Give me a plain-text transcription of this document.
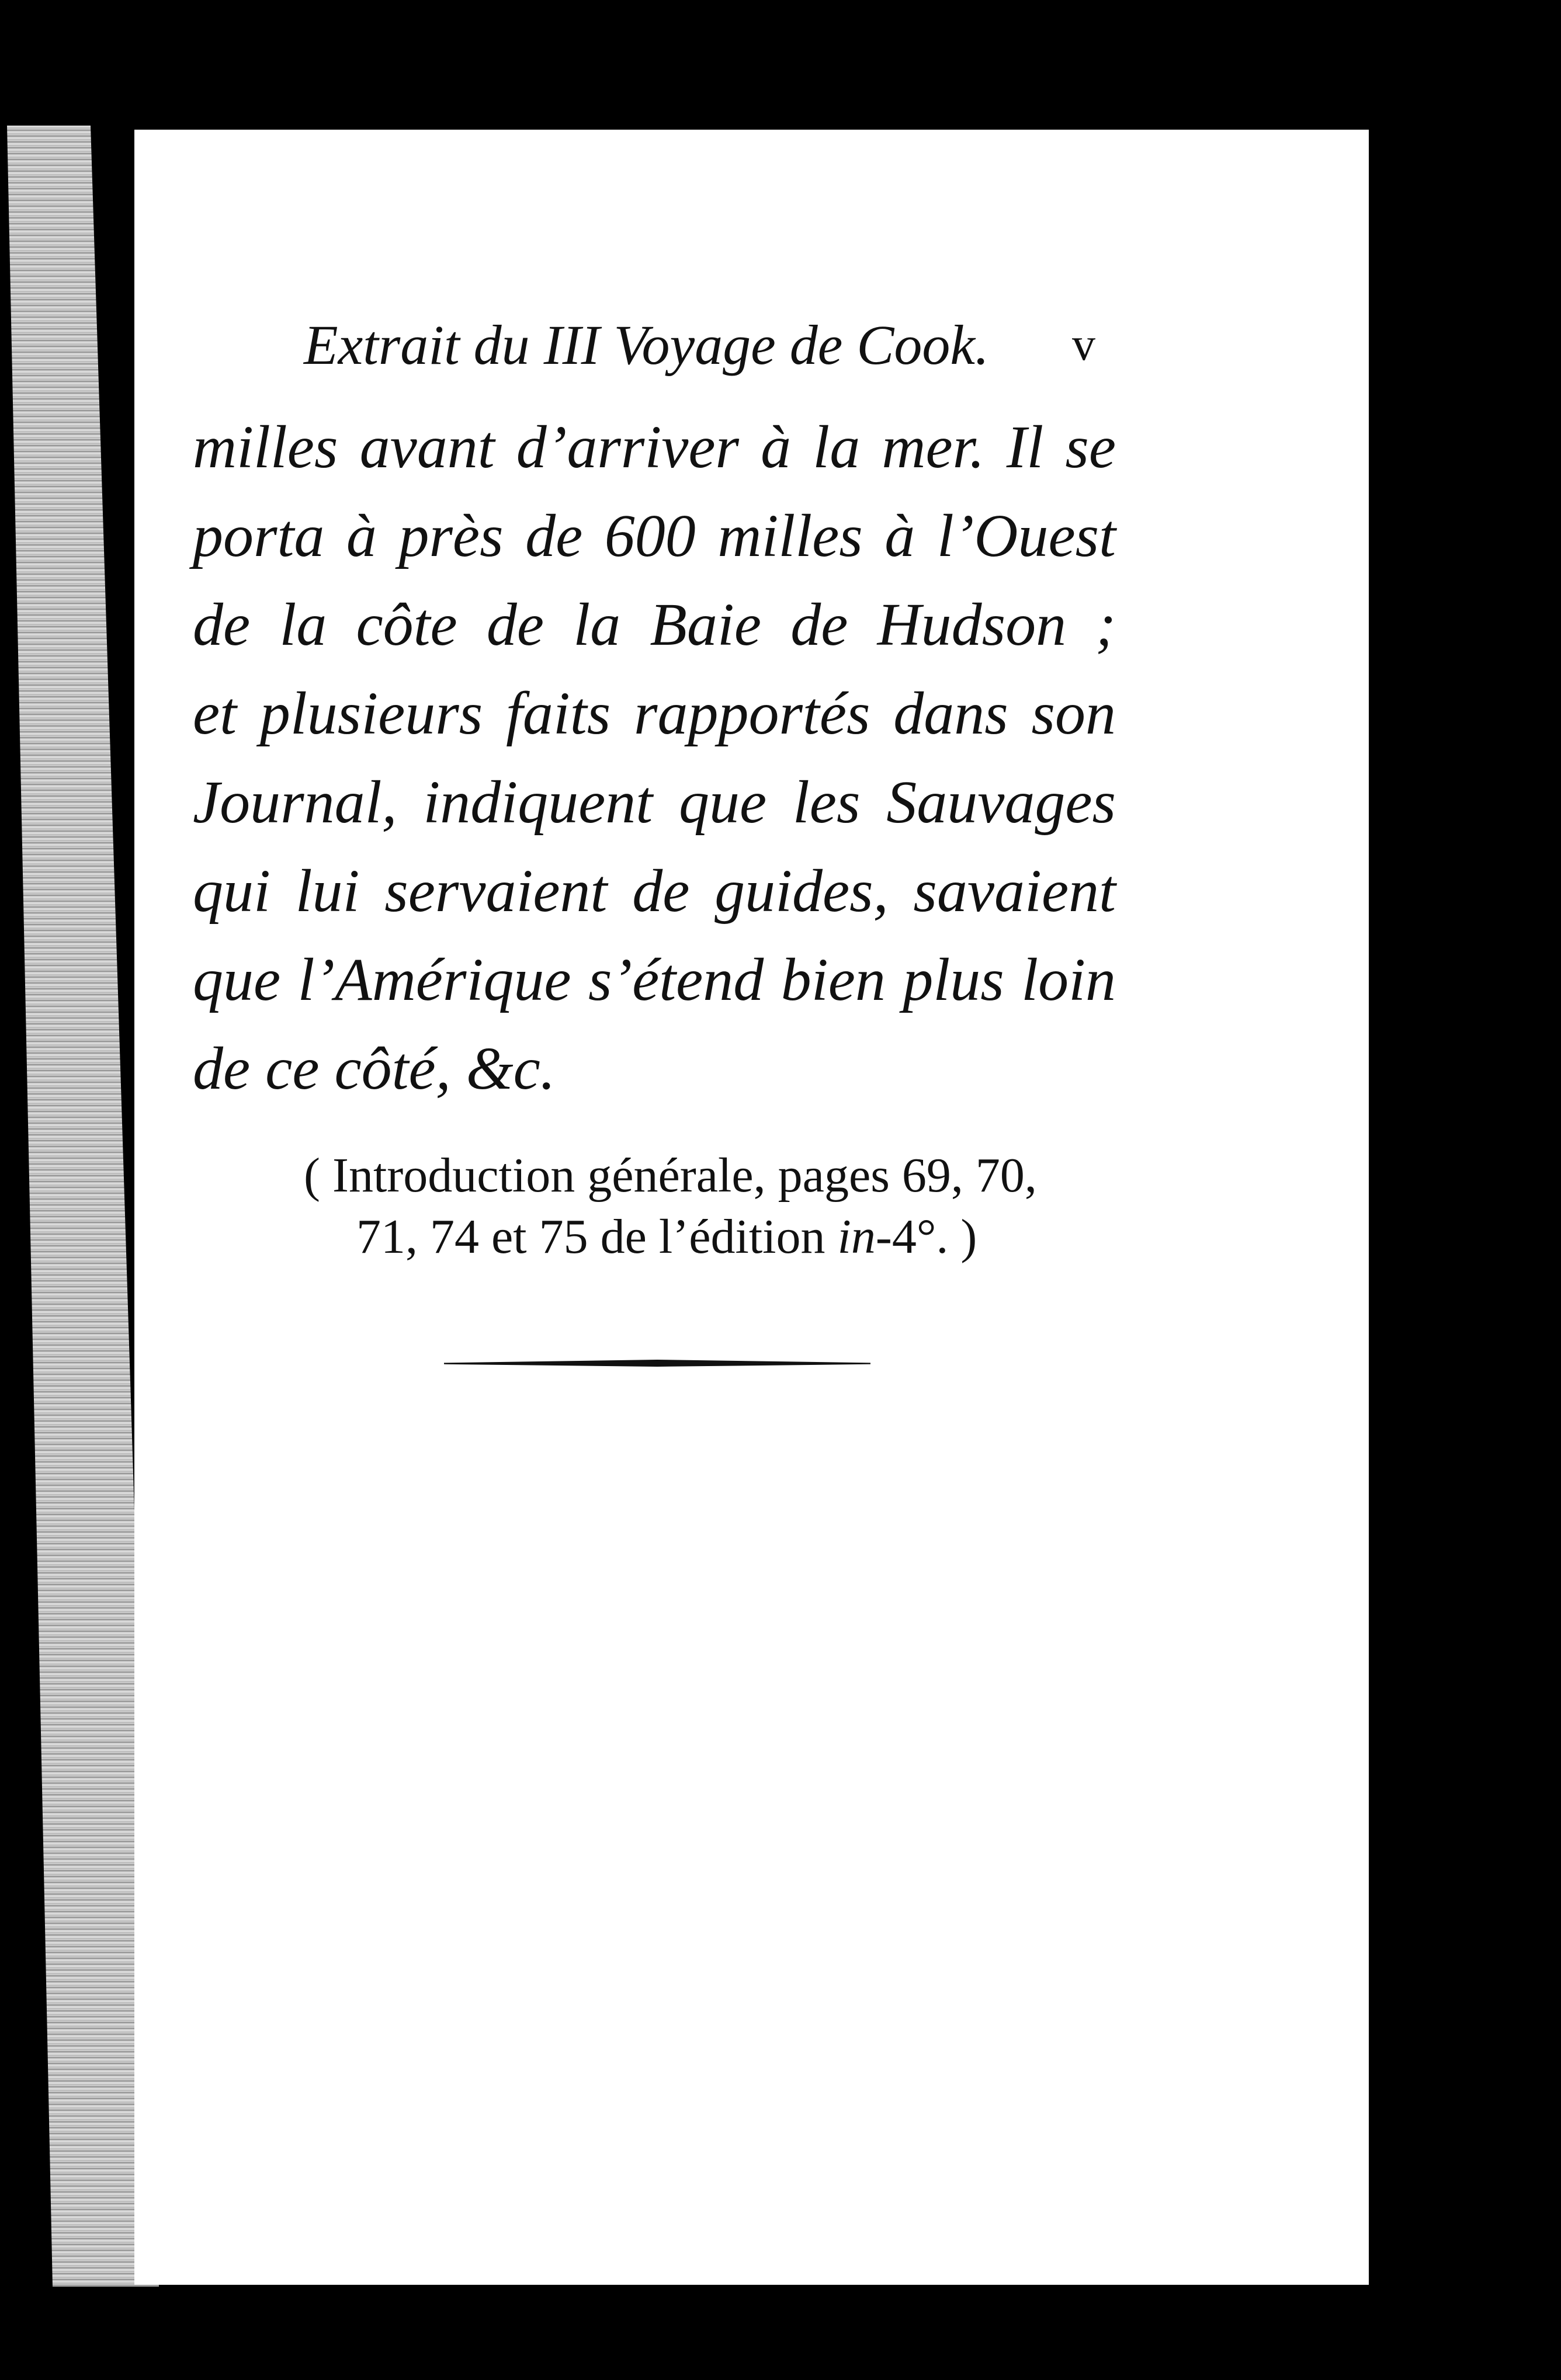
Extrait du III Voyage de Cook.	v
milles avant d’arriver à la mer. Il se
porta à près de 600 milles à l’Ouest
de la côte de la Baie de Hudson ;
et plusieurs faits rapportés dans son
Journal, indiquent que les Sauvages
qui lui servaient de guides, savaient
que l’Amérique s’étend bien plus loin
de ce côté, &c.
( Introduction générale, pages 69, 70,
71, 74 et 75 de l’édition in-4°. )
